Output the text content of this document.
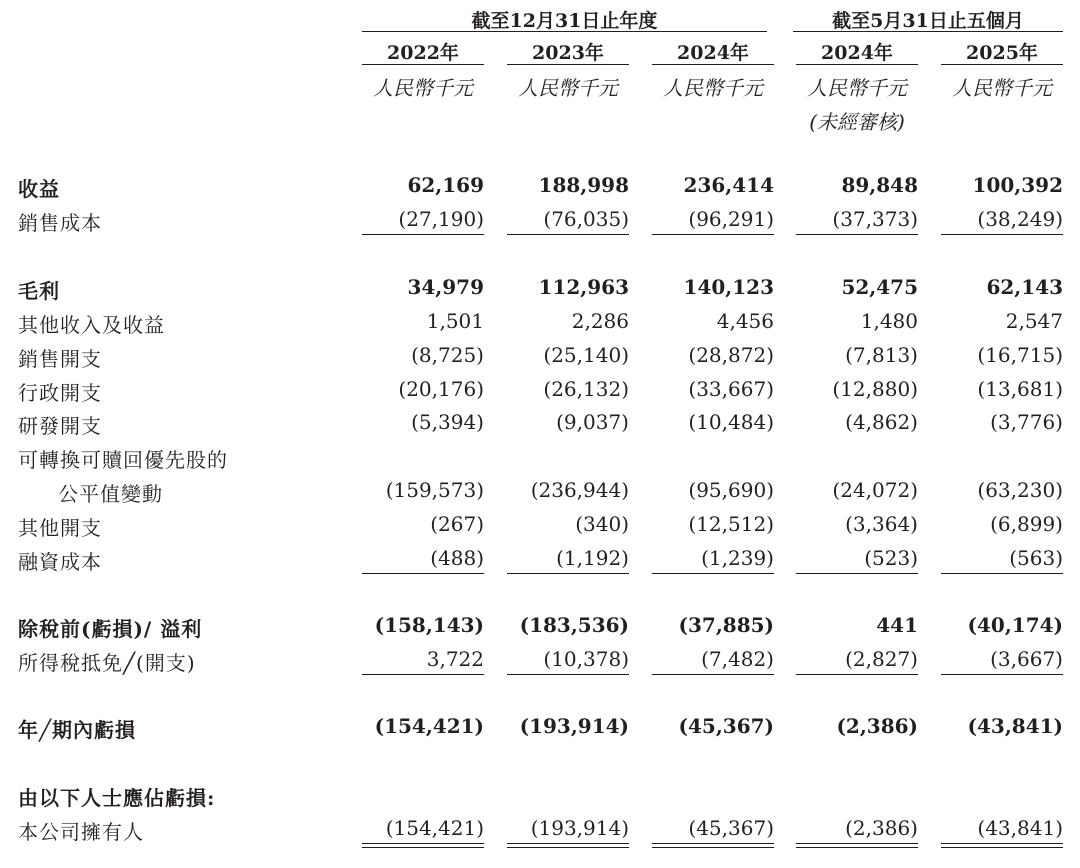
截至12月31日止年度	截至5月31日止五個月
2022年	2023年	2024年	2024年	2025年
人民幣千元	人民幣千元	人民幣千元	人民幣千元	人民幣千元
(未經審核)
收益	62,169	188,998	236,414	89,848	100,392
銷售成本	(27,190)	(76,035)	(96,291)	(37,373)	(38,249)
毛利	34,979	112,963	140,123	52,475	62,143
其他收入及收益	1,501	2,286	4,456	1,480	2,547
銷售開支	(8,725)	(25,140)	(28,872)	(7,813)	(16,715)
行政開支	(20,176)	(26,132)	(33,667)	(12,880)	(13,681)
研發開支	(5,394)	(9,037)	(10,484)	(4,862)	(3,776)
可轉換可贖回優先股的
公平值變動	(159,573)	(236,944)	(95,690)	(24,072)	(63,230)
其他開支	(267)	(340)	(12,512)	(3,364)	(6,899)
融資成本	(488)	(1,192)	(1,239)	(523)	(563)
除稅前(虧損)/ 溢利	(158,143)	(183,536)	(37,885)	441	(40,174)
所得稅抵免╱(開支)	3,722	(10,378)	(7,482)	(2,827)	(3,667)
年╱期內虧損	(154,421)	(193,914)	(45,367)	(2,386)	(43,841)
由以下人士應佔虧損:
本公司擁有人	(154,421)	(193,914)	(45,367)	(2,386)	(43,841)
